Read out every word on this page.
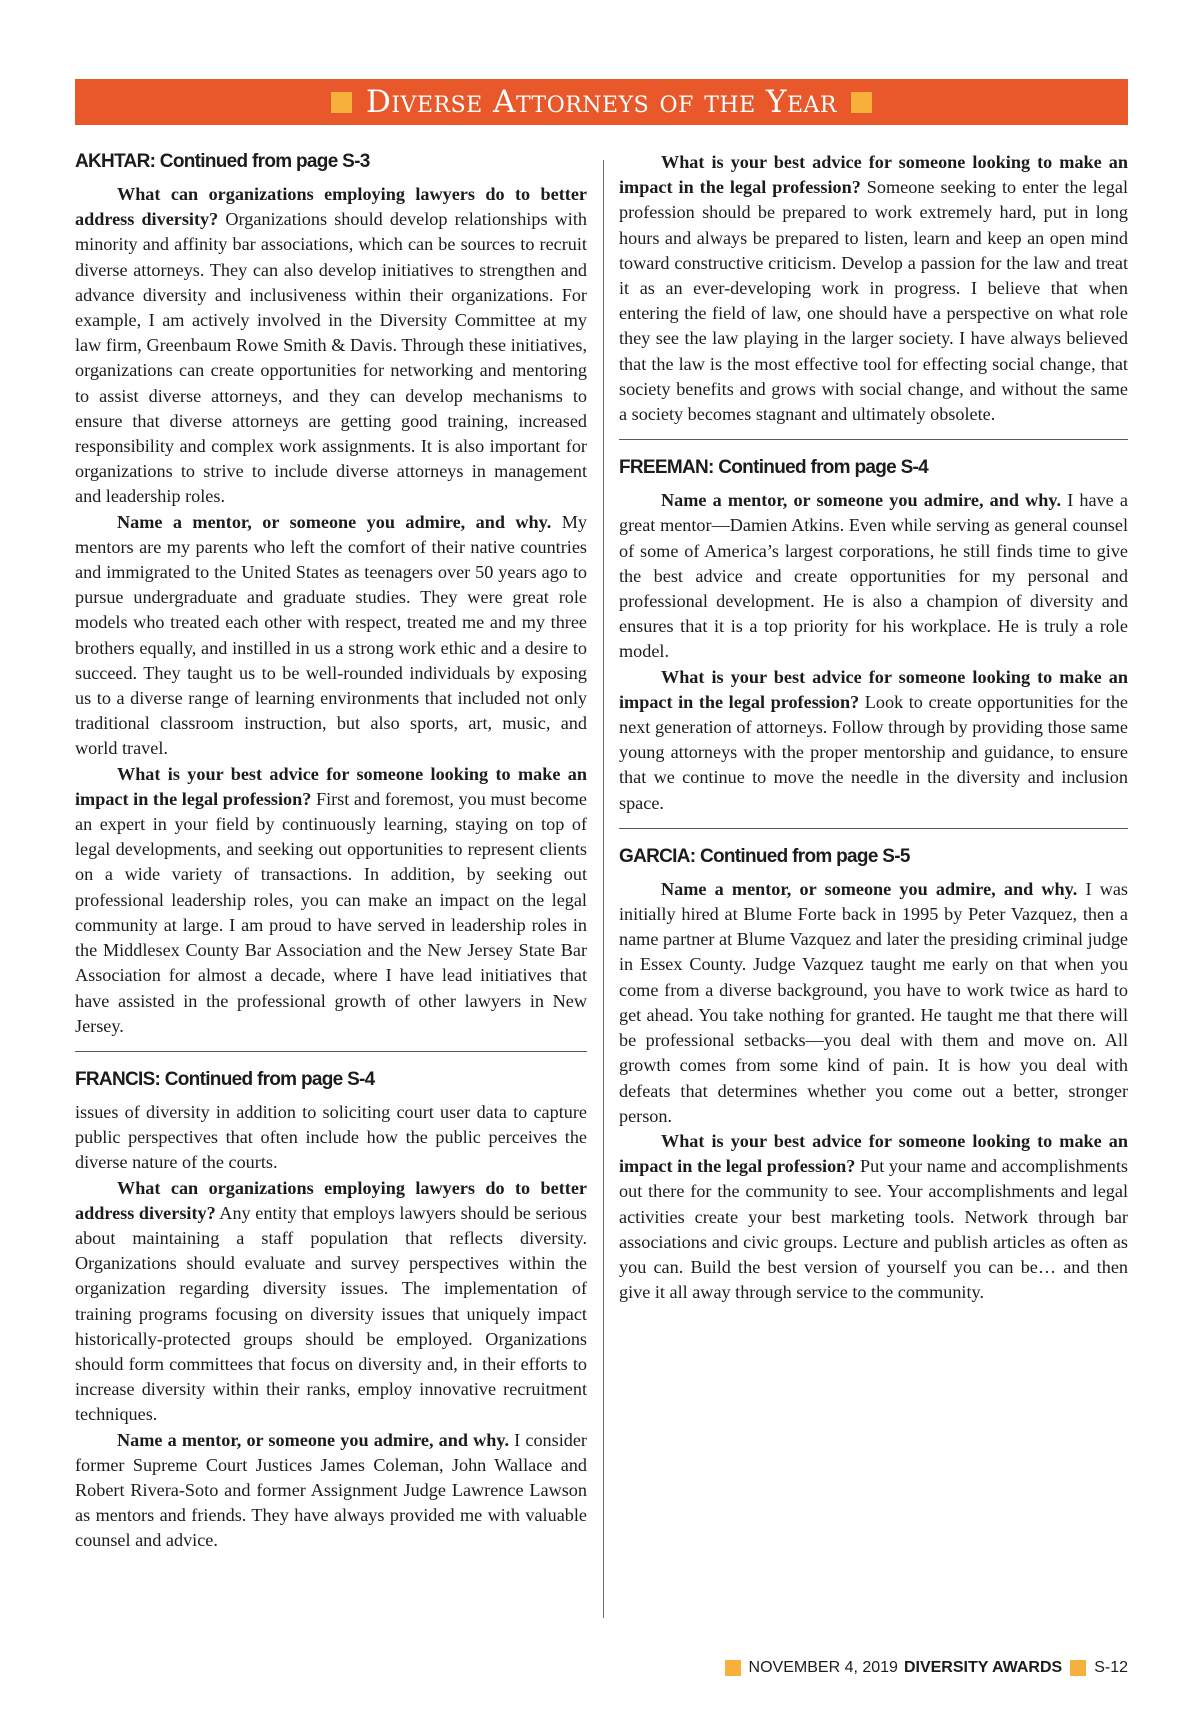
Diverse Attorneys of the Year
AKHTAR: Continued from page S-3

What can organizations employing lawyers do to better address diversity? Organizations should develop relationships with minority and affinity bar associations, which can be sources to recruit diverse attorneys. They can also develop initiatives to strengthen and advance diversity and inclusiveness within their organizations. For example, I am actively involved in the Diversity Committee at my law firm, Greenbaum Rowe Smith & Davis. Through these initiatives, organizations can create opportunities for networking and mentoring to assist diverse attorneys, and they can develop mechanisms to ensure that diverse attorneys are getting good training, increased responsibility and complex work assignments. It is also important for organizations to strive to include diverse attorneys in management and leadership roles.

Name a mentor, or someone you admire, and why. My mentors are my parents who left the comfort of their native countries and immigrated to the United States as teenagers over 50 years ago to pursue undergraduate and graduate studies. They were great role models who treated each other with respect, treated me and my three brothers equally, and instilled in us a strong work ethic and a desire to succeed. They taught us to be well-rounded individuals by exposing us to a diverse range of learning environments that included not only traditional classroom instruction, but also sports, art, music, and world travel.

What is your best advice for someone looking to make an impact in the legal profession? First and foremost, you must become an expert in your field by continuously learning, staying on top of legal developments, and seeking out opportunities to represent clients on a wide variety of transactions. In addition, by seeking out professional leadership roles, you can make an impact on the legal community at large. I am proud to have served in leadership roles in the Middlesex County Bar Association and the New Jersey State Bar Association for almost a decade, where I have lead initiatives that have assisted in the professional growth of other lawyers in New Jersey.

FRANCIS: Continued from page S-4

issues of diversity in addition to soliciting court user data to capture public perspectives that often include how the public perceives the diverse nature of the courts.

What can organizations employing lawyers do to better address diversity? Any entity that employs lawyers should be serious about maintaining a staff population that reflects diversity. Organizations should evaluate and survey perspectives within the organization regarding diversity issues. The implementation of training programs focusing on diversity issues that uniquely impact historically-protected groups should be employed. Organizations should form committees that focus on diversity and, in their efforts to increase diversity within their ranks, employ innovative recruitment techniques.

Name a mentor, or someone you admire, and why. I consider former Supreme Court Justices James Coleman, John Wallace and Robert Rivera-Soto and former Assignment Judge Lawrence Lawson as mentors and friends. They have always provided me with valuable counsel and advice.

What is your best advice for someone looking to make an impact in the legal profession? Someone seeking to enter the legal profession should be prepared to work extremely hard, put in long hours and always be prepared to listen, learn and keep an open mind toward constructive criticism. Develop a passion for the law and treat it as an ever-developing work in progress. I believe that when entering the field of law, one should have a perspective on what role they see the law playing in the larger society. I have always believed that the law is the most effective tool for effecting social change, that society benefits and grows with social change, and without the same a society becomes stagnant and ultimately obsolete.

FREEMAN: Continued from page S-4

Name a mentor, or someone you admire, and why. I have a great mentor—Damien Atkins. Even while serving as general counsel of some of America’s largest corporations, he still finds time to give the best advice and create opportunities for my personal and professional development. He is also a champion of diversity and ensures that it is a top priority for his workplace. He is truly a role model.

What is your best advice for someone looking to make an impact in the legal profession? Look to create opportunities for the next generation of attorneys. Follow through by providing those same young attorneys with the proper mentorship and guidance, to ensure that we continue to move the needle in the diversity and inclusion space.

GARCIA: Continued from page S-5

Name a mentor, or someone you admire, and why. I was initially hired at Blume Forte back in 1995 by Peter Vazquez, then a name partner at Blume Vazquez and later the presiding criminal judge in Essex County. Judge Vazquez taught me early on that when you come from a diverse background, you have to work twice as hard to get ahead. You take nothing for granted. He taught me that there will be professional setbacks—you deal with them and move on. All growth comes from some kind of pain. It is how you deal with defeats that determines whether you come out a better, stronger person.

What is your best advice for someone looking to make an impact in the legal profession? Put your name and accomplishments out there for the community to see. Your accomplishments and legal activities create your best marketing tools. Network through bar associations and civic groups. Lecture and publish articles as often as you can. Build the best version of yourself you can be… and then give it all away through service to the community.

NOVEMBER 4, 2019 DIVERSITY AWARDS S-12
